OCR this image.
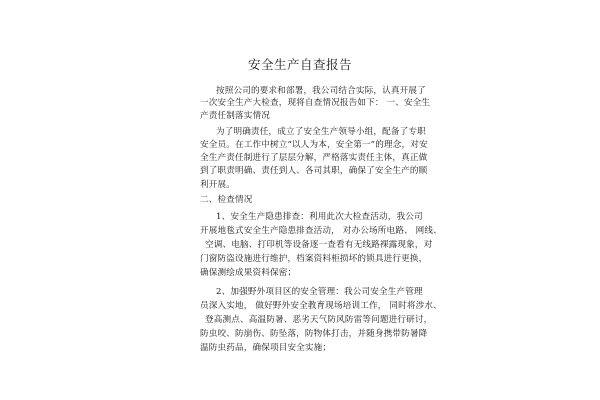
安全生产自查报告
按照公司的要求和部署，我公司结合实际，认真开展了
一次安全生产大检查，现将自查情况报告如下： 一、安全生
产责任制落实情况
为了明确责任，成立了安全生产领导小组，配备了专职
安全员。在工作中树立“以人为本，安全第一”的理念，对安
全生产责任制进行了层层分解，严格落实责任主体，真正做
到了职责明确、责任到人、各司其职，确保了安全生产的顺
利开展。
二、检查情况
1、安全生产隐患排查：利用此次大检查活动，我公司
开展地毯式安全生产隐患排查活动， 对办公场所电路、 网线、
空调、电脑、打印机等设备逐一查看有无线路裸露现象，对
门窗防盗设施进行维护，档案资料柜损坏的锁具进行更换，
确保测绘成果资料保密；
2、加强野外项目区的安全管理：我公司安全生产管理
员深入实地， 做好野外安全教育现场培训工作， 同时将涉水、
登高测点、高温防暑、恶劣天气防风防雷等问题进行研讨，
防虫咬、防崩伤、防坠落，防物体打击，并随身携带防暑降
温防虫药品，确保项目安全实施；
